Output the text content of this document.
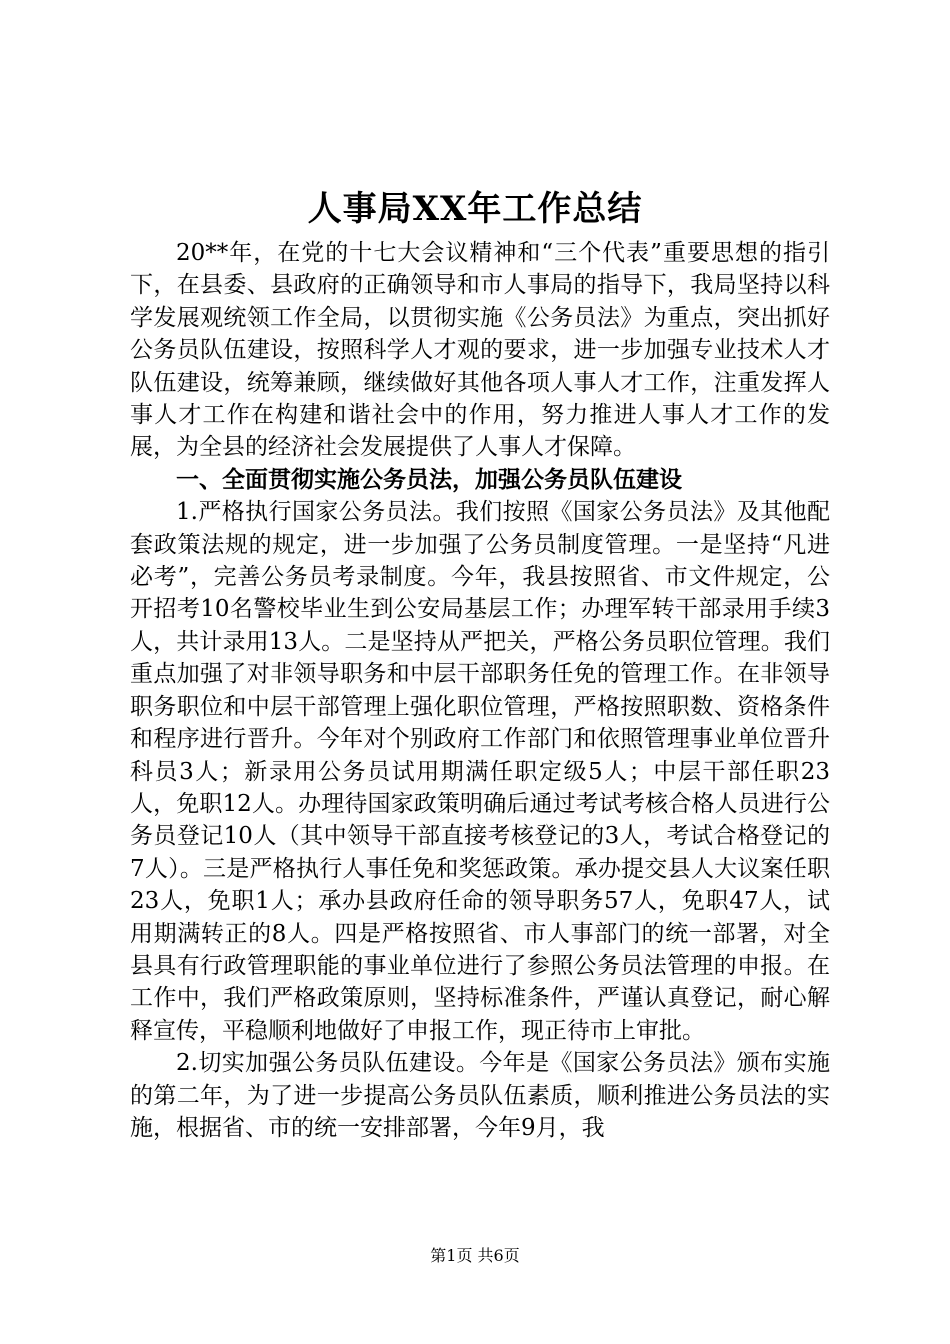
人事局XX年工作总结

20**年，在党的十七大会议精神和“三个代表”重要思想的指引下，在县委、县政府的正确领导和市人事局的指导下，我局坚持以科学发展观统领工作全局，以贯彻实施《公务员法》为重点，突出抓好公务员队伍建设，按照科学人才观的要求，进一步加强专业技术人才队伍建设，统筹兼顾，继续做好其他各项人事人才工作，注重发挥人事人才工作在构建和谐社会中的作用，努力推进人事人才工作的发展，为全县的经济社会发展提供了人事人才保障。

一、全面贯彻实施公务员法，加强公务员队伍建设

1.严格执行国家公务员法。我们按照《国家公务员法》及其他配套政策法规的规定，进一步加强了公务员制度管理。一是坚持“凡进必考”，完善公务员考录制度。今年，我县按照省、市文件规定，公开招考10名警校毕业生到公安局基层工作；办理军转干部录用手续3人，共计录用13人。二是坚持从严把关，严格公务员职位管理。我们重点加强了对非领导职务和中层干部职务任免的管理工作。在非领导职务职位和中层干部管理上强化职位管理，严格按照职数、资格条件和程序进行晋升。今年对个别政府工作部门和依照管理事业单位晋升科员3人；新录用公务员试用期满任职定级5人；中层干部任职23人，免职12人。办理待国家政策明确后通过考试考核合格人员进行公务员登记10人（其中领导干部直接考核登记的3人，考试合格登记的7人）。三是严格执行人事任免和奖惩政策。承办提交县人大议案任职23人，免职1人；承办县政府任命的领导职务57人，免职47人，试用期满转正的8人。四是严格按照省、市人事部门的统一部署，对全县具有行政管理职能的事业单位进行了参照公务员法管理的申报。在工作中，我们严格政策原则，坚持标准条件，严谨认真登记，耐心解释宣传，平稳顺利地做好了申报工作，现正待市上审批。

2.切实加强公务员队伍建设。今年是《国家公务员法》颁布实施的第二年，为了进一步提高公务员队伍素质，顺利推进公务员法的实施，根据省、市的统一安排部署，今年9月，我

第1页 共6页
